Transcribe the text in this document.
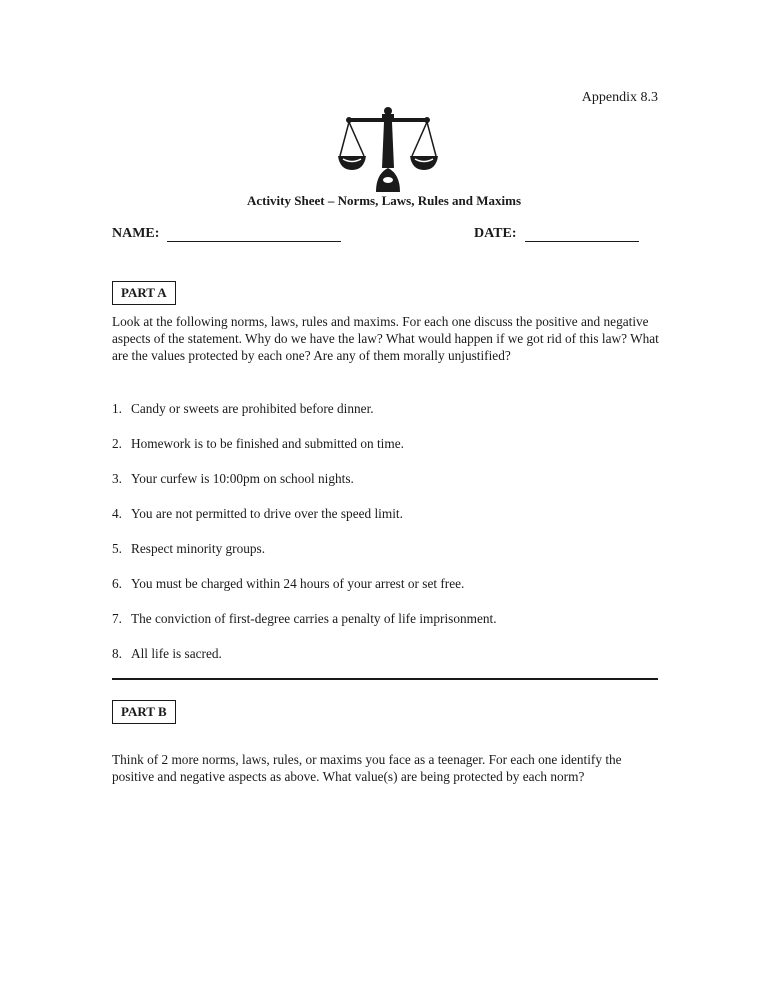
Appendix 8.3
Activity Sheet – Norms, Laws, Rules and Maxims
NAME:	DATE:
PART A
Look at the following norms, laws, rules and maxims. For each one discuss the positive and negative aspects of the statement. Why do we have the law? What would happen if we got rid of this law? What are the values protected by each one? Are any of them morally unjustified?
1. Candy or sweets are prohibited before dinner.
2. Homework is to be finished and submitted on time.
3. Your curfew is 10:00pm on school nights.
4. You are not permitted to drive over the speed limit.
5. Respect minority groups.
6. You must be charged within 24 hours of your arrest or set free.
7. The conviction of first-degree carries a penalty of life imprisonment.
8. All life is sacred.
PART B
Think of 2 more norms, laws, rules, or maxims you face as a teenager. For each one identify the positive and negative aspects as above. What value(s) are being protected by each norm?
